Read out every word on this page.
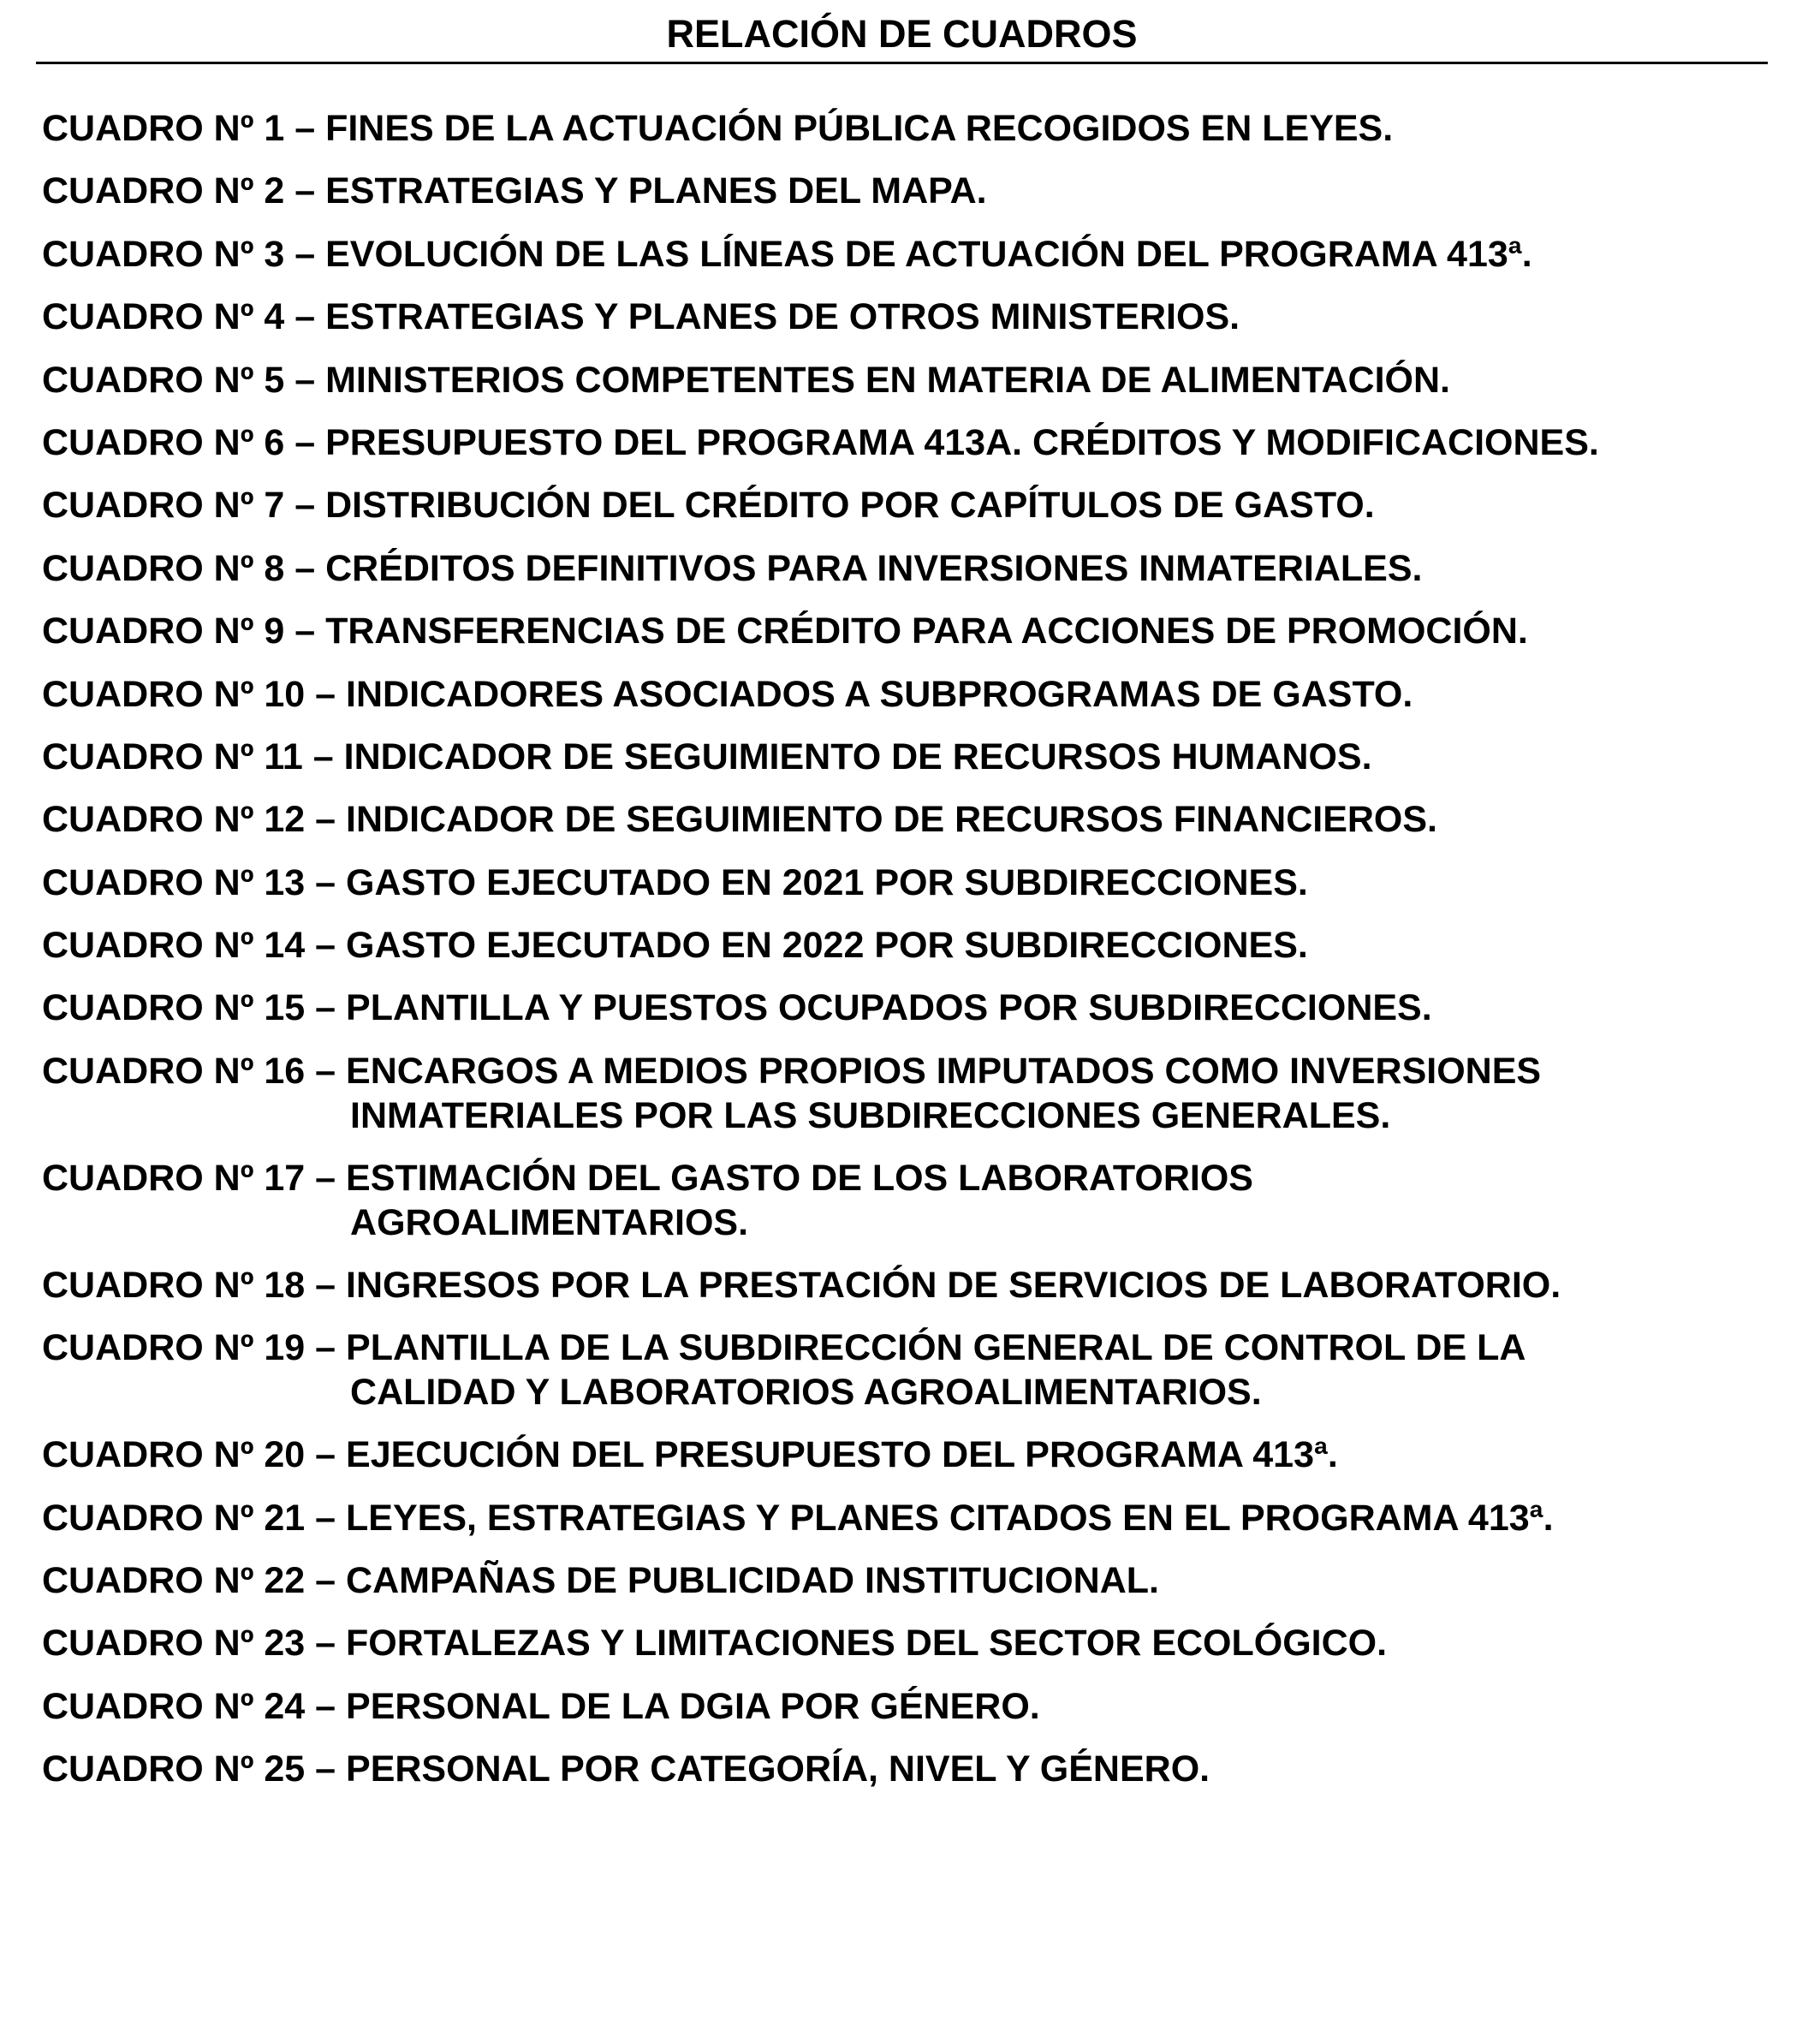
RELACIÓN DE CUADROS
CUADRO Nº 1 – FINES DE LA ACTUACIÓN PÚBLICA RECOGIDOS EN LEYES.
CUADRO Nº 2 – ESTRATEGIAS Y PLANES DEL MAPA.
CUADRO Nº 3 – EVOLUCIÓN DE LAS LÍNEAS DE ACTUACIÓN DEL PROGRAMA 413ª.
CUADRO Nº 4 – ESTRATEGIAS Y PLANES DE OTROS MINISTERIOS.
CUADRO Nº 5 – MINISTERIOS COMPETENTES EN MATERIA DE ALIMENTACIÓN.
CUADRO Nº 6 – PRESUPUESTO DEL PROGRAMA 413A. CRÉDITOS Y MODIFICACIONES.
CUADRO Nº 7 – DISTRIBUCIÓN DEL CRÉDITO POR CAPÍTULOS DE GASTO.
CUADRO Nº 8 – CRÉDITOS DEFINITIVOS PARA INVERSIONES INMATERIALES.
CUADRO Nº 9 – TRANSFERENCIAS DE CRÉDITO PARA ACCIONES DE PROMOCIÓN.
CUADRO Nº 10 – INDICADORES ASOCIADOS A SUBPROGRAMAS DE GASTO.
CUADRO Nº 11 – INDICADOR DE SEGUIMIENTO DE RECURSOS HUMANOS.
CUADRO Nº 12 – INDICADOR DE SEGUIMIENTO DE RECURSOS FINANCIEROS.
CUADRO Nº 13 – GASTO EJECUTADO EN 2021 POR SUBDIRECCIONES.
CUADRO Nº 14 – GASTO EJECUTADO EN 2022 POR SUBDIRECCIONES.
CUADRO Nº 15 – PLANTILLA Y PUESTOS OCUPADOS POR SUBDIRECCIONES.
CUADRO Nº 16 – ENCARGOS A MEDIOS PROPIOS IMPUTADOS COMO INVERSIONES
INMATERIALES POR LAS SUBDIRECCIONES GENERALES.
CUADRO Nº 17 – ESTIMACIÓN DEL GASTO DE LOS LABORATORIOS
AGROALIMENTARIOS.
CUADRO Nº 18 – INGRESOS POR LA PRESTACIÓN DE SERVICIOS DE LABORATORIO.
CUADRO Nº 19 – PLANTILLA DE LA SUBDIRECCIÓN GENERAL DE CONTROL DE LA
CALIDAD Y LABORATORIOS AGROALIMENTARIOS.
CUADRO Nº 20 – EJECUCIÓN DEL PRESUPUESTO DEL PROGRAMA 413ª.
CUADRO Nº 21 – LEYES, ESTRATEGIAS Y PLANES CITADOS EN EL PROGRAMA 413ª.
CUADRO Nº 22 – CAMPAÑAS DE PUBLICIDAD INSTITUCIONAL.
CUADRO Nº 23 – FORTALEZAS Y LIMITACIONES DEL SECTOR ECOLÓGICO.
CUADRO Nº 24 – PERSONAL DE LA DGIA POR GÉNERO.
CUADRO Nº 25 – PERSONAL POR CATEGORÍA, NIVEL Y GÉNERO.
